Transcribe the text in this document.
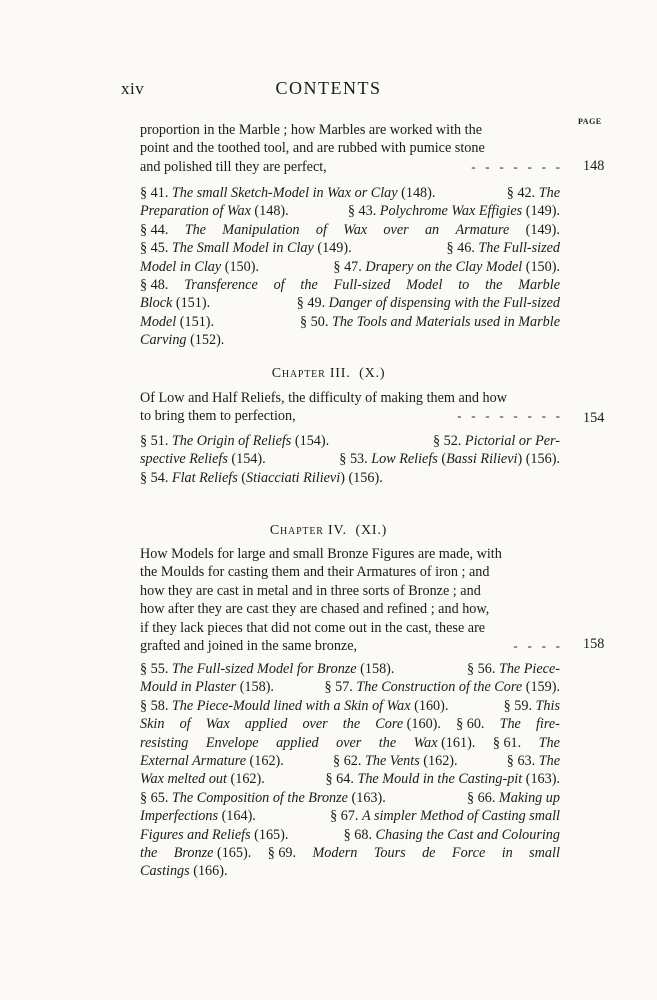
xiv	CONTENTS
PAGE
proportion in the Marble ; how Marbles are worked with the
point and the toothed tool, and are rubbed with pumice stone
and polished till they are perfect,	-   -   -   -   -   -   - 148
§ 41. The small Sketch-Model in Wax or Clay (148).	§ 42. The
Preparation of Wax (148).	§ 43. Polychrome Wax Effigies (149).
§ 44. The Manipulation of Wax over an Armature (149).
§ 45. The Small Model in Clay (149).	§ 46. The Full-sized
Model in Clay (150).	§ 47. Drapery on the Clay Model (150).
§ 48. Transference of the Full-sized Model to the Marble
Block (151).	§ 49. Danger of dispensing with the Full-sized
Model (151).	§ 50. The Tools and Materials used in Marble
Carving (152).
Chapter III. (X.)
Of Low and Half Reliefs, the difficulty of making them and how
to bring them to perfection,	-   -   -   -   -   -   -   - 154
§ 51. The Origin of Reliefs (154).	§ 52. Pictorial or Per-
spective Reliefs (154).	§ 53. Low Reliefs (Bassi Rilievi) (156).
§ 54. Flat Reliefs (Stiacciati Rilievi) (156).
Chapter IV. (XI.)
How Models for large and small Bronze Figures are made, with
the Moulds for casting them and their Armatures of iron ; and
how they are cast in metal and in three sorts of Bronze ; and
how after they are cast they are chased and refined ; and how,
if they lack pieces that did not come out in the cast, these are
grafted and joined in the same bronze,	-   -   -   - 158
§ 55. The Full-sized Model for Bronze (158).	§ 56. The Piece-
Mould in Plaster (158).	§ 57. The Construction of the Core (159).
§ 58. The Piece-Mould lined with a Skin of Wax (160).	§ 59. This
Skin of Wax applied over the Core (160). § 60. The fire-
resisting Envelope applied over the Wax (161). § 61. The
External Armature (162).	§ 62. The Vents (162).	§ 63. The
Wax melted out (162).	§ 64. The Mould in the Casting-pit (163).
§ 65. The Composition of the Bronze (163).	§ 66. Making up
Imperfections (164).	§ 67. A simpler Method of Casting small
Figures and Reliefs (165).	§ 68. Chasing the Cast and Colouring
the Bronze (165). § 69. Modern Tours de Force in small
Castings (166).
